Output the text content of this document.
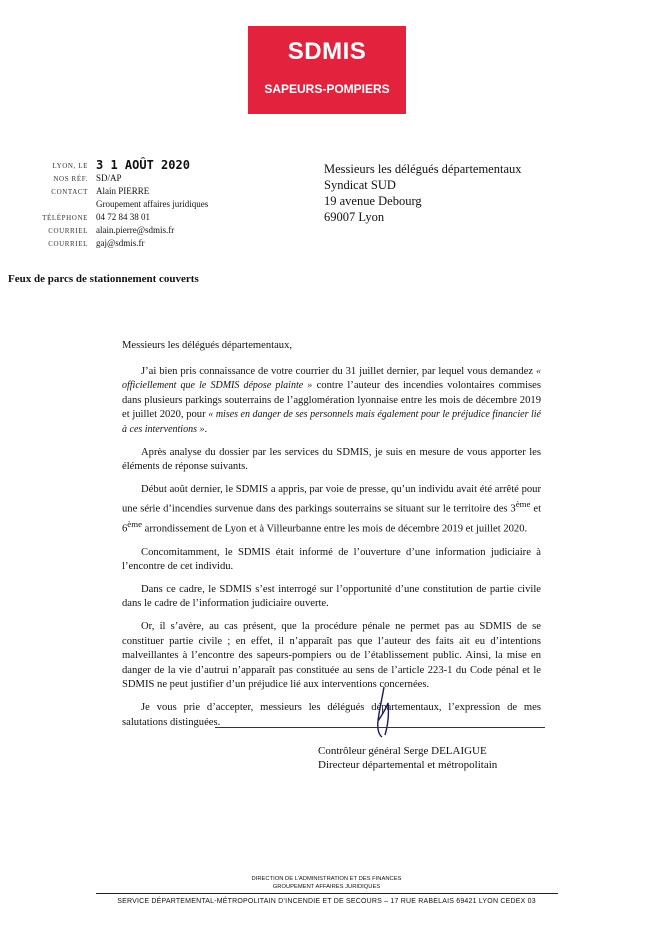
SDMIS
SAPEURS-POMPIERS
LYON, LE 3 1 AOÛT 2020
NOS RÉF. SD/AP
CONTACT Alain PIERRE
Groupement affaires juridiques
TÉLÉPHONE 04 72 84 38 01
COURRIEL alain.pierre@sdmis.fr
COURRIEL gaj@sdmis.fr
Messieurs les délégués départementaux
Syndicat SUD
19 avenue Debourg
69007 Lyon
Feux de parcs de stationnement couverts

Messieurs les délégués départementaux,

J’ai bien pris connaissance de votre courrier du 31 juillet dernier, par lequel vous demandez « officiellement que le SDMIS dépose plainte » contre l’auteur des incendies volontaires commises dans plusieurs parkings souterrains de l’agglomération lyonnaise entre les mois de décembre 2019 et juillet 2020, pour « mises en danger de ses personnels mais également pour le préjudice financier lié à ces interventions ».

Après analyse du dossier par les services du SDMIS, je suis en mesure de vous apporter les éléments de réponse suivants.

Début août dernier, le SDMIS a appris, par voie de presse, qu’un individu avait été arrêté pour une série d’incendies survenue dans des parkings souterrains se situant sur le territoire des 3ème et 6ème arrondissement de Lyon et à Villeurbanne entre les mois de décembre 2019 et juillet 2020.

Concomitamment, le SDMIS était informé de l’ouverture d’une information judiciaire à l’encontre de cet individu.

Dans ce cadre, le SDMIS s’est interrogé sur l’opportunité d’une constitution de partie civile dans le cadre de l’information judiciaire ouverte.

Or, il s’avère, au cas présent, que la procédure pénale ne permet pas au SDMIS de se constituer partie civile ; en effet, il n’apparaît pas que l’auteur des faits ait eu d’intentions malveillantes à l’encontre des sapeurs-pompiers ou de l’établissement public. Ainsi, la mise en danger de la vie d’autrui n’apparaît pas constituée au sens de l’article 223-1 du Code pénal et le SDMIS ne peut justifier d’un préjudice lié aux interventions concernées.

Je vous prie d’accepter, messieurs les délégués départementaux, l’expression de mes salutations distinguées.

Contrôleur général Serge DELAIGUE
Directeur départemental et métropolitain
DIRECTION DE L’ADMINISTRATION ET DES FINANCES
GROUPEMENT AFFAIRES JURIDIQUES
SERVICE DÉPARTEMENTAL-MÉTROPOLITAIN D’INCENDIE ET DE SECOURS – 17 RUE RABELAIS 69421 LYON CEDEX 03
